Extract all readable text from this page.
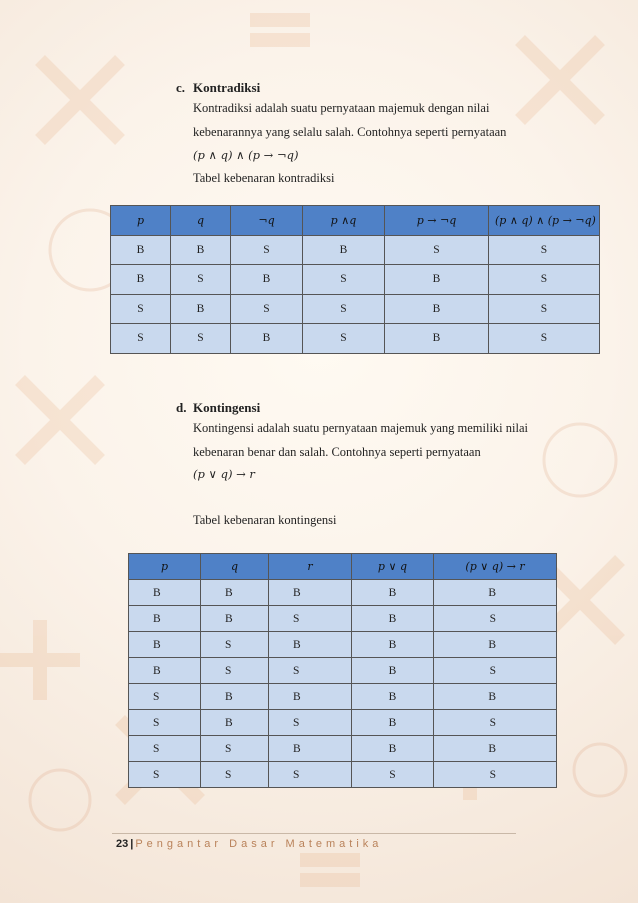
c. Kontradiksi
Kontradiksi adalah suatu pernyataan majemuk dengan nilai
kebenarannya yang selalu salah. Contohnya seperti pernyataan
(p ∧ q) ∧ (p → ¬q)
Tabel kebenaran kontradiksi
p	q	¬q	p ∧q	p → ¬q	(p ∧ q) ∧ (p → ¬q)
B	B	S	B	S	S
B	S	B	S	B	S
S	B	S	S	B	S
S	S	B	S	B	S
d. Kontingensi
Kontingensi adalah suatu pernyataan majemuk yang memiliki nilai
kebenaran benar dan salah. Contohnya seperti pernyataan
(p ∨ q) → r
Tabel kebenaran kontingensi
p	q	r	p ∨ q	(p ∨ q) → r
B	B	B	B	B
B	B	S	B	S
B	S	B	B	B
B	S	S	B	S
S	B	B	B	B
S	B	S	B	S
S	S	B	B	B
S	S	S	S	S
23 | Pengantar Dasar Matematika
